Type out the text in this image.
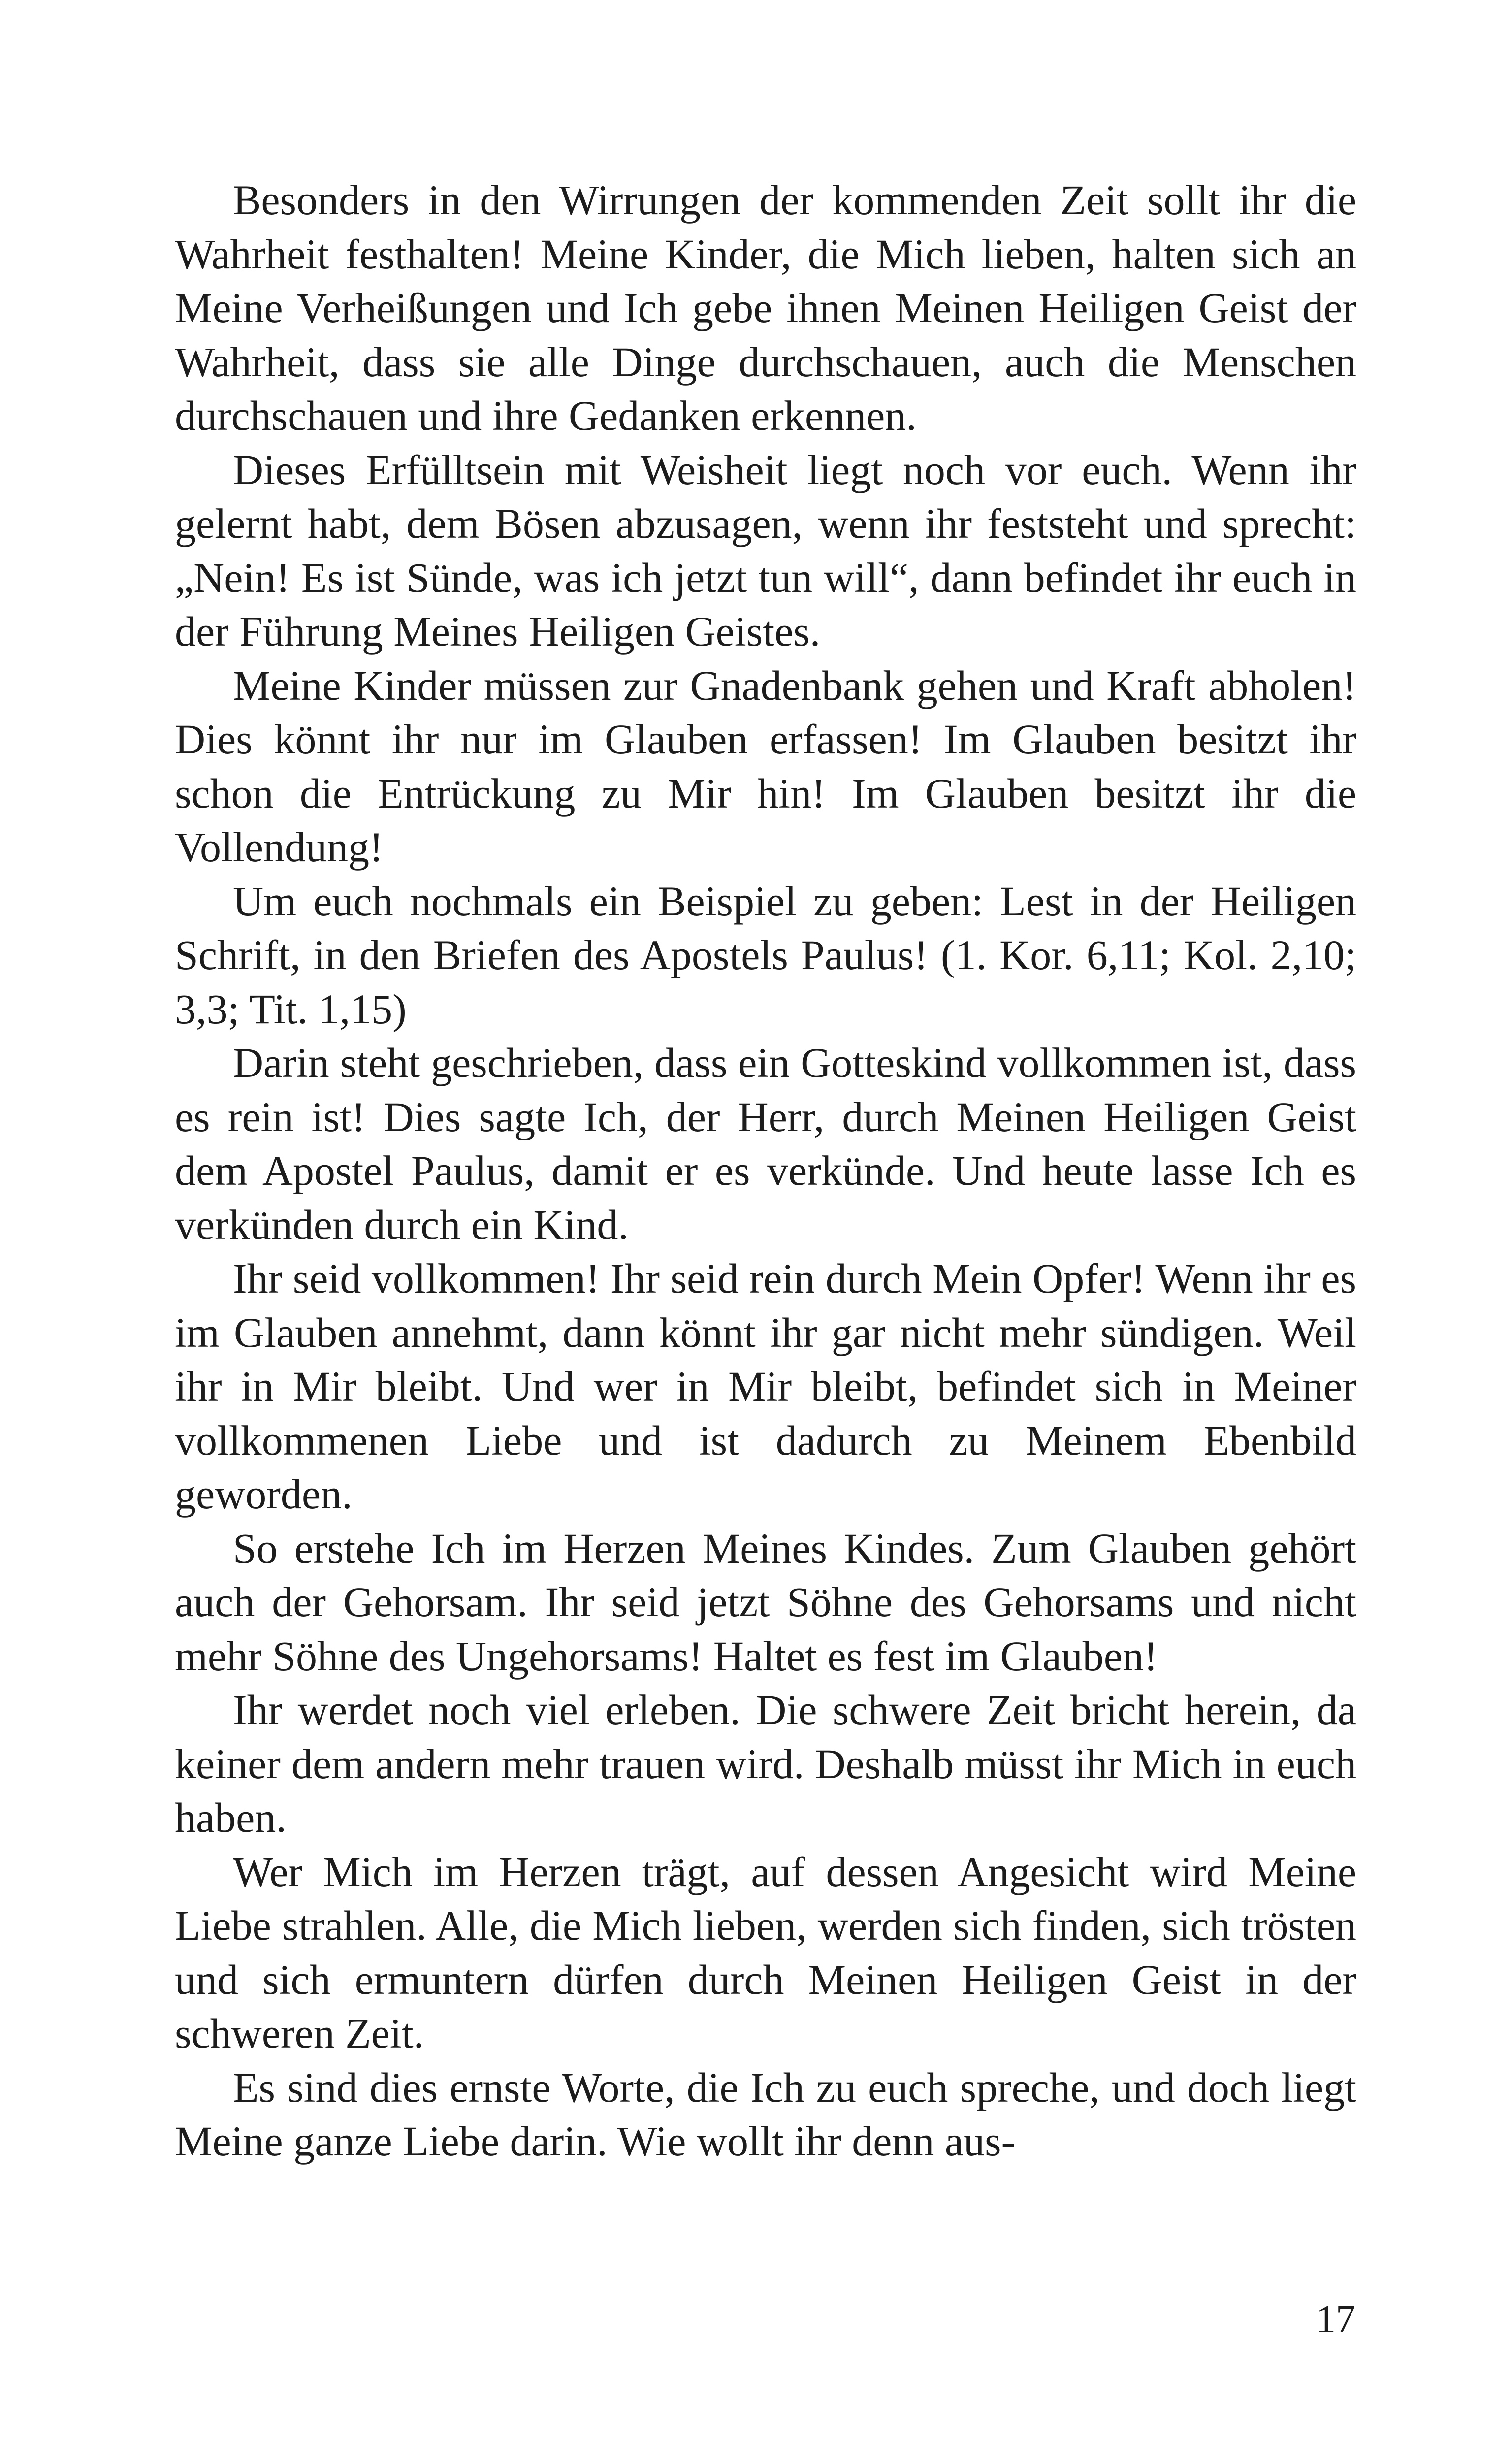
Besonders in den Wirrungen der kommenden Zeit sollt ihr die Wahrheit festhalten! Meine Kinder, die Mich lieben, halten sich an Meine Verheißungen und Ich gebe ihnen Meinen Heiligen Geist der Wahrheit, dass sie alle Dinge durchschauen, auch die Menschen durchschauen und ihre Gedanken erkennen.

Dieses Erfülltsein mit Weisheit liegt noch vor euch. Wenn ihr gelernt habt, dem Bösen abzusagen, wenn ihr feststeht und sprecht: „Nein! Es ist Sünde, was ich jetzt tun will“, dann befindet ihr euch in der Führung Meines Heiligen Geistes.

Meine Kinder müssen zur Gnadenbank gehen und Kraft abholen! Dies könnt ihr nur im Glauben erfassen! Im Glauben besitzt ihr schon die Entrückung zu Mir hin! Im Glauben besitzt ihr die Vollendung!

Um euch nochmals ein Beispiel zu geben: Lest in der Heiligen Schrift, in den Briefen des Apostels Paulus! (1. Kor. 6,11; Kol. 2,10; 3,3; Tit. 1,15)

Darin steht geschrieben, dass ein Gotteskind vollkommen ist, dass es rein ist! Dies sagte Ich, der Herr, durch Meinen Heiligen Geist dem Apostel Paulus, damit er es verkünde. Und heute lasse Ich es verkünden durch ein Kind.

Ihr seid vollkommen! Ihr seid rein durch Mein Opfer! Wenn ihr es im Glauben annehmt, dann könnt ihr gar nicht mehr sündigen. Weil ihr in Mir bleibt. Und wer in Mir bleibt, befindet sich in Meiner vollkommenen Liebe und ist dadurch zu Meinem Ebenbild geworden.

So erstehe Ich im Herzen Meines Kindes. Zum Glauben gehört auch der Gehorsam. Ihr seid jetzt Söhne des Gehorsams und nicht mehr Söhne des Ungehorsams! Haltet es fest im Glauben!

Ihr werdet noch viel erleben. Die schwere Zeit bricht herein, da keiner dem andern mehr trauen wird. Deshalb müsst ihr Mich in euch haben.

Wer Mich im Herzen trägt, auf dessen Angesicht wird Meine Liebe strahlen. Alle, die Mich lieben, werden sich finden, sich trösten und sich ermuntern dürfen durch Meinen Heiligen Geist in der schweren Zeit.

Es sind dies ernste Worte, die Ich zu euch spreche, und doch liegt Meine ganze Liebe darin. Wie wollt ihr denn aus-

17
